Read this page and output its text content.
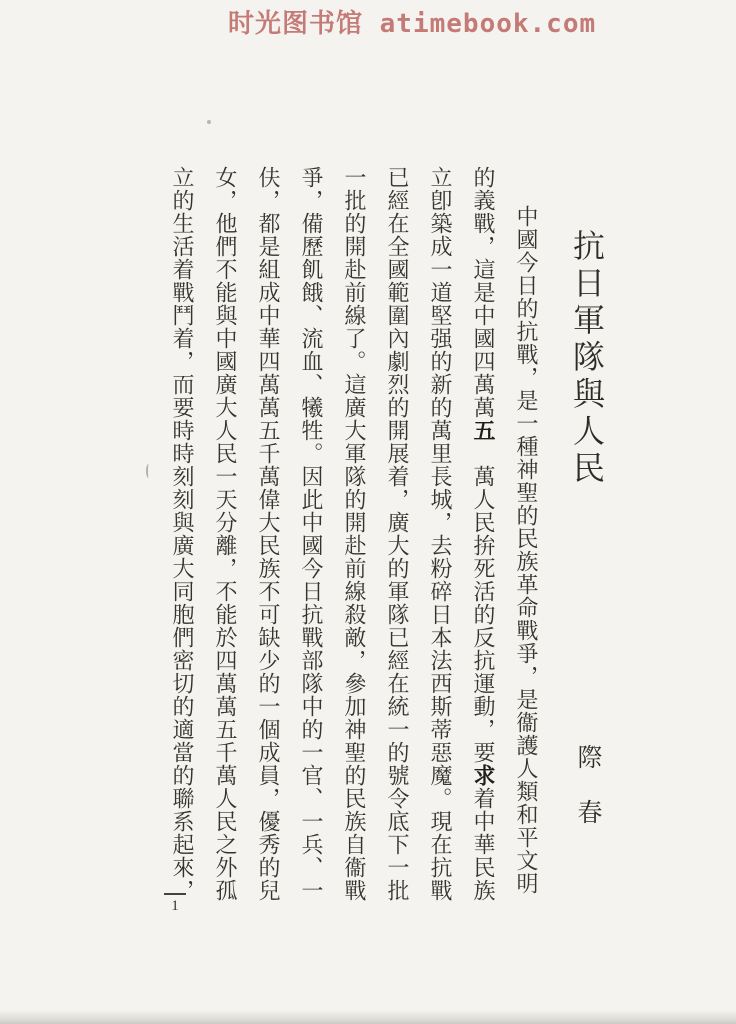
时光图书馆 atimebook.com
抗日軍隊與人民
際春
中國今日的抗戰，是一種神聖的民族革命戰爭，是衞護人類和平文明
的義戰，這是中國四萬萬五　萬人民拚死活的反抗運動，要求着中華民族
立卽築成一道堅强的新的萬里長城，去粉碎日本法西斯蒂惡魔。現在抗戰
已經在全國範圍內劇烈的開展着，廣大的軍隊已經在統一的號令底下一批
一批的開赴前線了。這廣大軍隊的開赴前線殺敵，參加神聖的民族自衞戰
爭，備歷飢餓、流血、犧牲。因此中國今日抗戰部隊中的一官、一兵、一
伕，都是組成中華四萬萬五千萬偉大民族不可缺少的一個成員，優秀的兒
女，他們不能與中國廣大人民一天分離，不能於四萬萬五千萬人民之外孤
立的生活着戰鬥着，而要時時刻刻與廣大同胞們密切的適當的聯系起來，
1
